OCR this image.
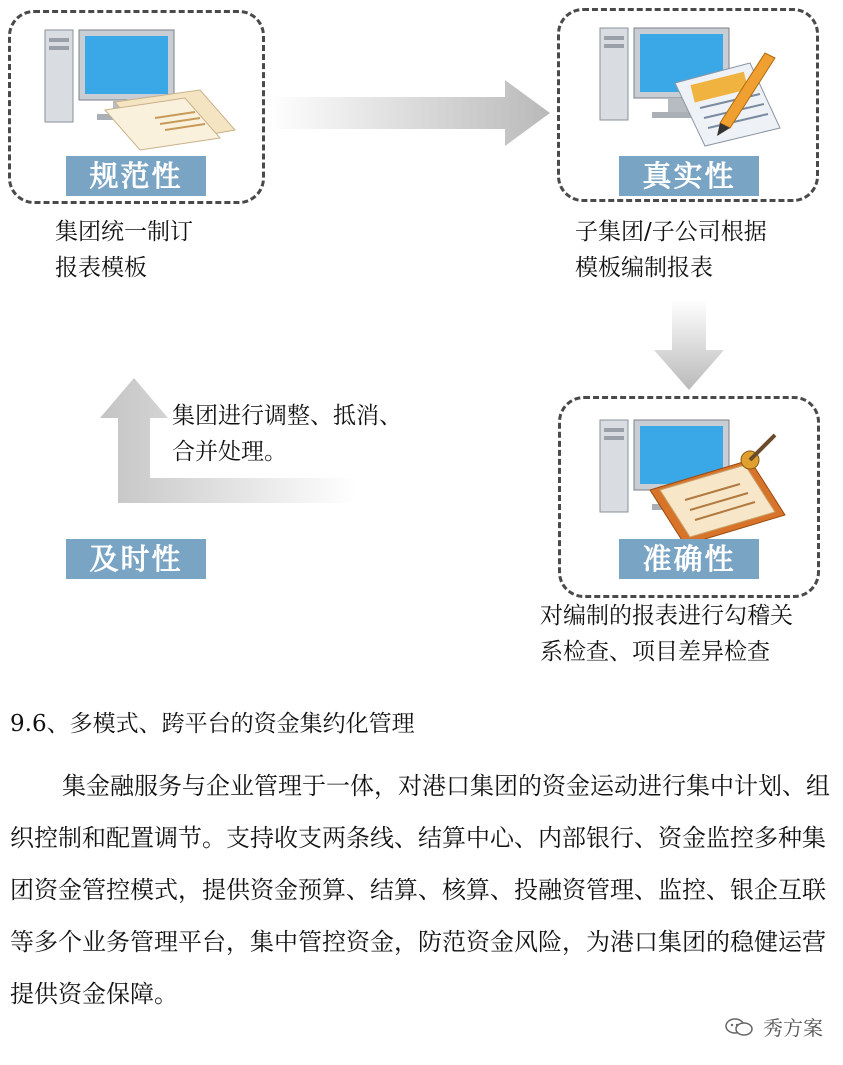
规范性
集团统一制订
报表模板
真实性
子集团/子公司根据
模板编制报表
准确性
对编制的报表进行勾稽关
系检查、项目差异检查
集团进行调整、抵消、
合并处理。
及时性
9.6、多模式、跨平台的资金集约化管理
集金融服务与企业管理于一体，对港口集团的资金运动进行集中计划、组织控制和配置调节。支持收支两条线、结算中心、内部银行、资金监控多种集团资金管控模式，提供资金预算、结算、核算、投融资管理、监控、银企互联等多个业务管理平台，集中管控资金，防范资金风险，为港口集团的稳健运营提供资金保障。
秀方案
